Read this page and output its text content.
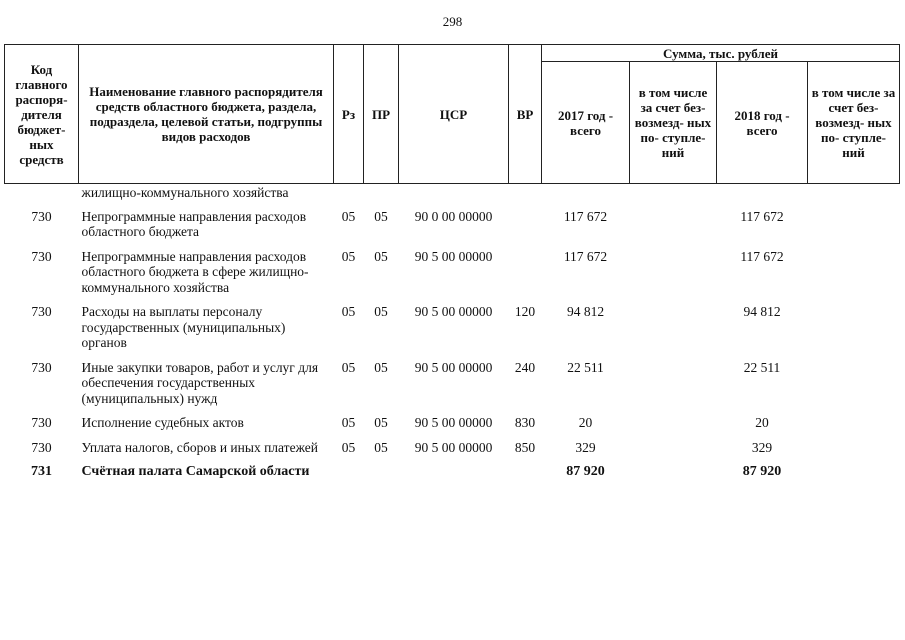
298
Код главного распоря- дителя бюджет- ных средств	Наименование главного распорядителя средств областного бюджета, раздела, подраздела, целевой статьи, подгруппы видов расходов	Рз	ПР	ЦСР	ВР	Сумма, тыс. рублей			
						2017 год - всего	в том числе за счет без- возмезд- ных по- ступле- ний	2018 год - всего	в том числе за счет без- возмезд- ных по- ступле- ний
	жилищно-коммунального хозяйства								
730	Непрограммные направления расходов областного бюджета	05	05	90 0 00 00000		117 672		117 672	
730	Непрограммные направления расходов областного бюджета в сфере жилищно-коммунального хозяйства	05	05	90 5 00 00000		117 672		117 672	
730	Расходы на выплаты персоналу государственных (муниципальных) органов	05	05	90 5 00 00000	120	94 812		94 812	
730	Иные закупки товаров, работ и услуг для обеспечения государственных (муниципальных) нужд	05	05	90 5 00 00000	240	22 511		22 511	
730	Исполнение судебных актов	05	05	90 5 00 00000	830	20		20	
730	Уплата налогов, сборов и иных платежей	05	05	90 5 00 00000	850	329		329	
731	Счётная палата Самарской области					87 920		87 920	
